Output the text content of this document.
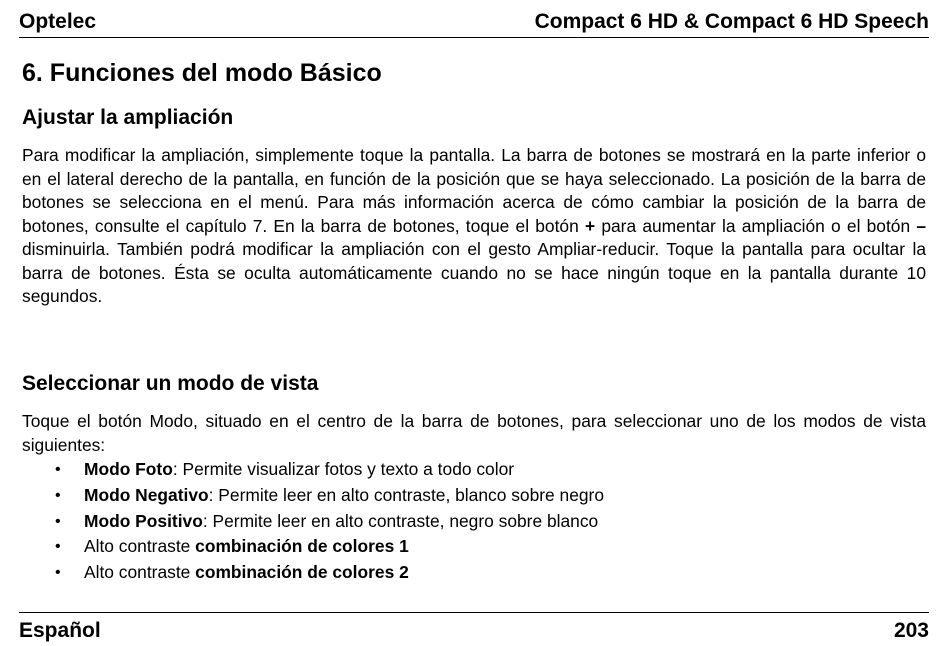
Optelec	Compact 6 HD & Compact 6 HD Speech
6. Funciones del modo Básico
Ajustar la ampliación

Para modificar la ampliación, simplemente toque la pantalla. La barra de botones se mostrará en la parte inferior o en el lateral derecho de la pantalla, en función de la posición que se haya seleccionado. La posición de la barra de botones se selecciona en el menú. Para más información acerca de cómo cambiar la posición de la barra de botones, consulte el capítulo 7. En la barra de botones, toque el botón + para aumentar la ampliación o el botón – disminuirla. También podrá modificar la ampliación con el gesto Ampliar-reducir. Toque la pantalla para ocultar la barra de botones. Ésta se oculta automáticamente cuando no se hace ningún toque en la pantalla durante 10 segundos.

Seleccionar un modo de vista

Toque el botón Modo, situado en el centro de la barra de botones, para seleccionar uno de los modos de vista siguientes:

• Modo Foto: Permite visualizar fotos y texto a todo color
• Modo Negativo: Permite leer en alto contraste, blanco sobre negro
• Modo Positivo: Permite leer en alto contraste, negro sobre blanco
• Alto contraste combinación de colores 1
• Alto contraste combinación de colores 2
Español	203
